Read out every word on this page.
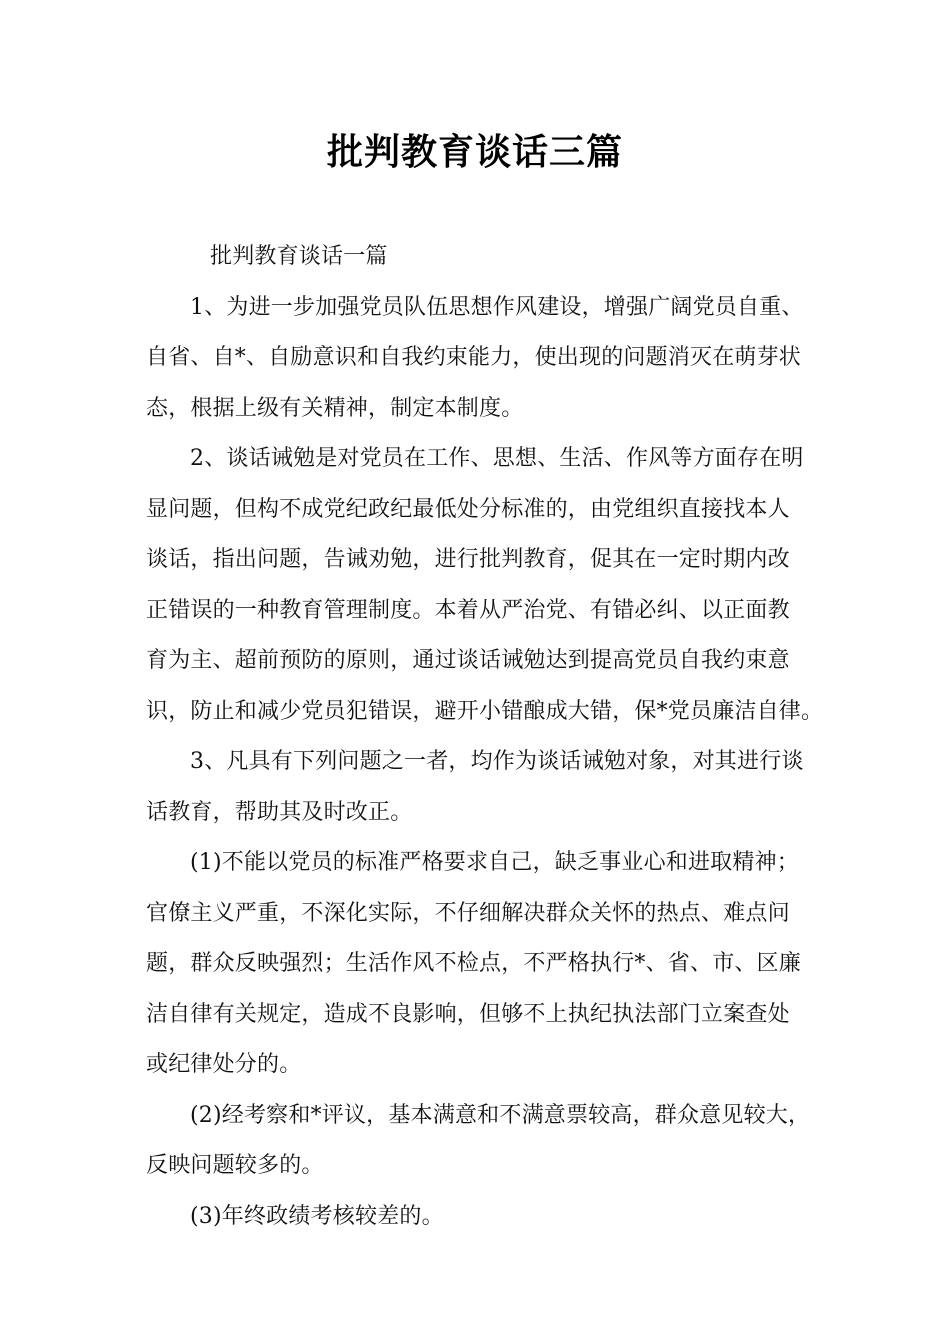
批判教育谈话三篇
批判教育谈话一篇
1、为进一步加强党员队伍思想作风建设，增强广阔党员自重、
自省、自*、自励意识和自我约束能力，使出现的问题消灭在萌芽状
态，根据上级有关精神，制定本制度。
2、谈话诫勉是对党员在工作、思想、生活、作风等方面存在明
显问题，但构不成党纪政纪最低处分标准的，由党组织直接找本人
谈话，指出问题，告诫劝勉，进行批判教育，促其在一定时期内改
正错误的一种教育管理制度。本着从严治党、有错必纠、以正面教
育为主、超前预防的原则，通过谈话诫勉达到提高党员自我约束意
识，防止和减少党员犯错误，避开小错酿成大错，保*党员廉洁自律。
3、凡具有下列问题之一者，均作为谈话诫勉对象，对其进行谈
话教育，帮助其及时改正。
(1)不能以党员的标准严格要求自己，缺乏事业心和进取精神；
官僚主义严重，不深化实际，不仔细解决群众关怀的热点、难点问
题，群众反映强烈；生活作风不检点，不严格执行*、省、市、区廉
洁自律有关规定，造成不良影响，但够不上执纪执法部门立案查处
或纪律处分的。
(2)经考察和*评议，基本满意和不满意票较高，群众意见较大，
反映问题较多的。
(3)年终政绩考核较差的。
